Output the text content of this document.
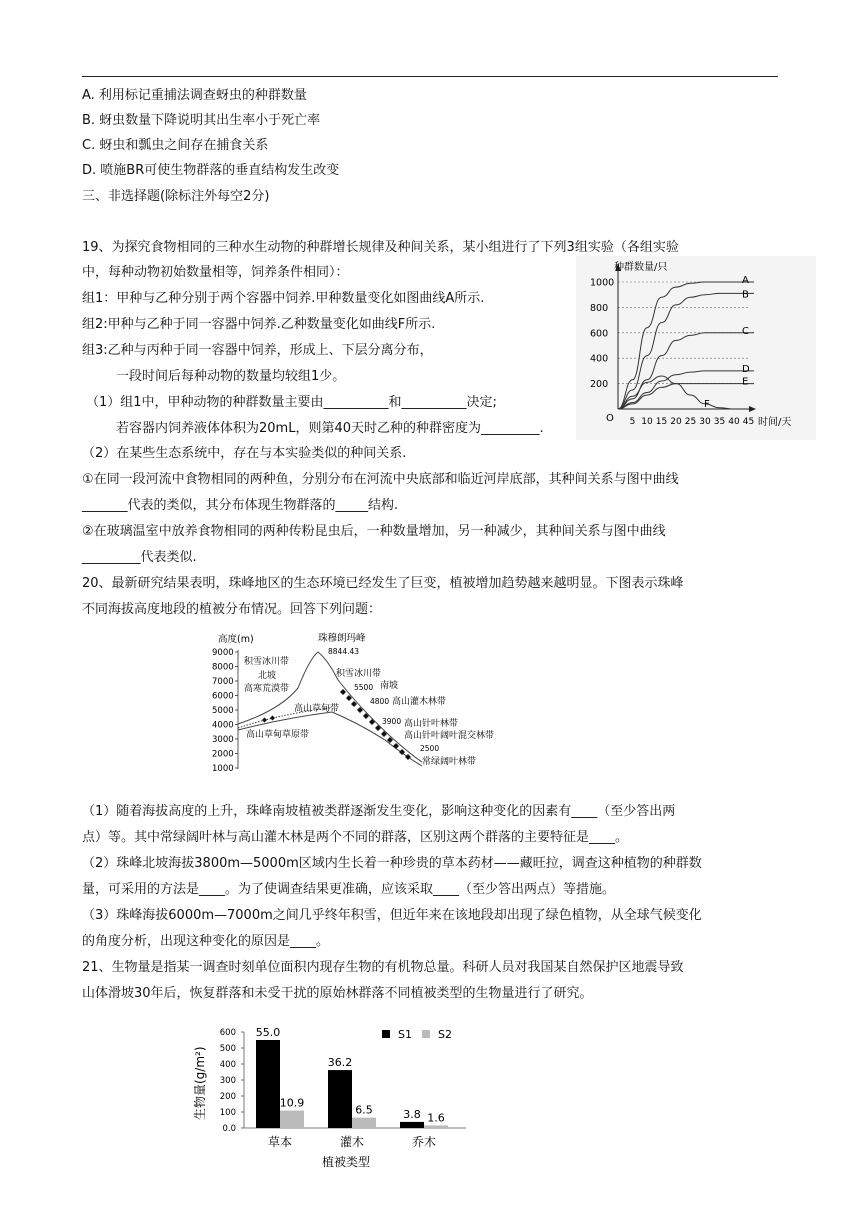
A. 利用标记重捕法调查蚜虫的种群数量
B. 蚜虫数量下降说明其出生率小于死亡率
C. 蚜虫和瓢虫之间存在捕食关系
D. 喷施BR可使生物群落的垂直结构发生改变
三、非选择题(除标注外每空2分)
19、为探究食物相同的三种水生动物的种群增长规律及种间关系，某小组进行了下列3组实验（各组实验
中，每种动物初始数量相等，饲养条件相同）：
组1：甲种与乙种分别于两个容器中饲养.甲种数量变化如图曲线A所示.
组2:甲种与乙种于同一容器中饲养.乙种数量变化如曲线F所示.
组3:乙种与丙种于同一容器中饲养，形成上、下层分离分布，
一段时间后每种动物的数量均较组1少。
（1）组1中，甲种动物的种群数量主要由__________和__________决定;
若容器内饲养液体体积为20mL，则第40天时乙种的种群密度为_________.
（2）在某些生态系统中，存在与本实验类似的种间关系.
①在同一段河流中食物相同的两种鱼，分别分布在河流中央底部和临近河岸底部，其种间关系与图中曲线
_______代表的类似，其分布体现生物群落的_____结构.
②在玻璃温室中放养食物相同的两种传粉昆虫后，一种数量增加，另一种减少，其种间关系与图中曲线
_________代表类似.
种群数量/只
时间/天
O
200
400
600
800
1000
5 10 15 20 25 30 35 40 45
A
B
C
D
E
F
20、最新研究结果表明，珠峰地区的生态环境已经发生了巨变，植被增加趋势越来越明显。下图表示珠峰
不同海拔高度地段的植被分布情况。回答下列问题：
高度(m)
9000
8000
7000
6000
5000
4000
3000
2000
1000
珠穆朗玛峰
8844.43
积雪冰川带
北坡
高寒荒漠带
高山草甸带
高山草甸草原带
积雪冰川带
南坡
5500
4800 高山灌木林带
3900 高山针叶林带
高山针叶阔叶混交林带
2500
常绿阔叶林带
（1）随着海拔高度的上升，珠峰南坡植被类群逐渐发生变化，影响这种变化的因素有____（至少答出两
点）等。其中常绿阔叶林与高山灌木林是两个不同的群落，区别这两个群落的主要特征是____。
（2）珠峰北坡海拔3800m—5000m区域内生长着一种珍贵的草本药材——藏旺拉，调查这种植物的种群数
量，可采用的方法是____。为了使调查结果更准确，应该采取____（至少答出两点）等措施。
（3）珠峰海拔6000m—7000m之间几乎终年积雪，但近年来在该地段却出现了绿色植物，从全球气候变化
的角度分析，出现这种变化的原因是____。
21、生物量是指某一调查时刻单位面积内现存生物的有机物总量。科研人员对我国某自然保护区地震导致
山体滑坡30年后，恢复群落和未受干扰的原始林群落不同植被类型的生物量进行了研究。
0.0
100
200
300
400
500
600
生物量(g/m²)
55.0
10.9
36.2
6.5	3.8 1.6
草本	灌木	乔木
植被类型
S1 S2
